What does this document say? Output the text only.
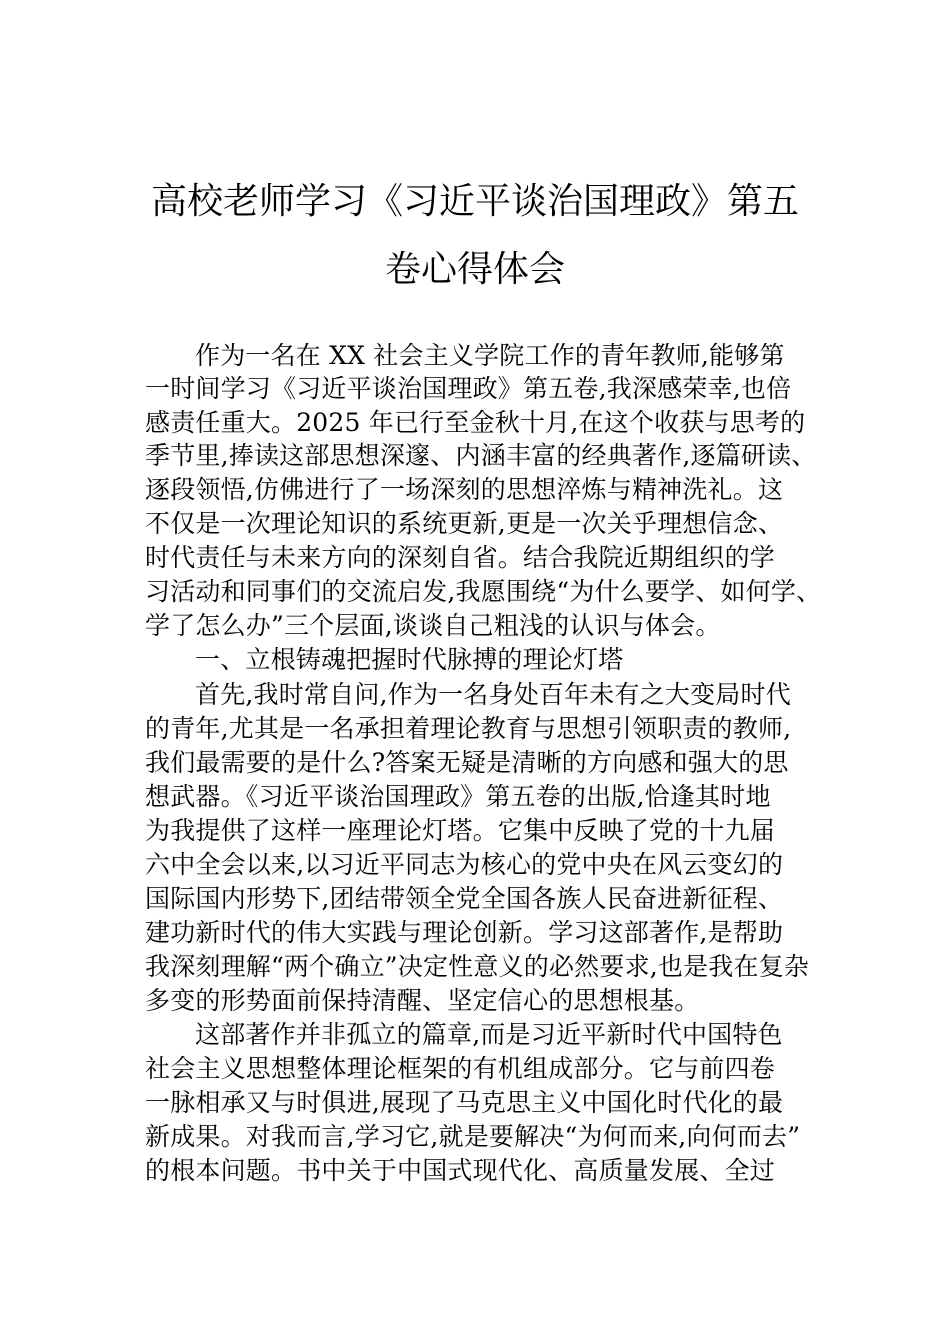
高校老师学习《习近平谈治国理政》第五
卷心得体会
作为一名在 XX 社会主义学院工作的青年教师,能够第
一时间学习《习近平谈治国理政》第五卷,我深感荣幸,也倍
感责任重大。2025 年已行至金秋十月,在这个收获与思考的
季节里,捧读这部思想深邃、内涵丰富的经典著作,逐篇研读、
逐段领悟,仿佛进行了一场深刻的思想淬炼与精神洗礼。这
不仅是一次理论知识的系统更新,更是一次关乎理想信念、
时代责任与未来方向的深刻自省。结合我院近期组织的学
习活动和同事们的交流启发,我愿围绕“为什么要学、如何学、
学了怎么办”三个层面,谈谈自己粗浅的认识与体会。
一、立根铸魂把握时代脉搏的理论灯塔
首先,我时常自问,作为一名身处百年未有之大变局时代
的青年,尤其是一名承担着理论教育与思想引领职责的教师,
我们最需要的是什么?答案无疑是清晰的方向感和强大的思
想武器。《习近平谈治国理政》第五卷的出版,恰逢其时地
为我提供了这样一座理论灯塔。它集中反映了党的十九届
六中全会以来,以习近平同志为核心的党中央在风云变幻的
国际国内形势下,团结带领全党全国各族人民奋进新征程、
建功新时代的伟大实践与理论创新。学习这部著作,是帮助
我深刻理解“两个确立”决定性意义的必然要求,也是我在复杂
多变的形势面前保持清醒、坚定信心的思想根基。
这部著作并非孤立的篇章,而是习近平新时代中国特色
社会主义思想整体理论框架的有机组成部分。它与前四卷
一脉相承又与时俱进,展现了马克思主义中国化时代化的最
新成果。对我而言,学习它,就是要解决“为何而来,向何而去”
的根本问题。书中关于中国式现代化、高质量发展、全过
